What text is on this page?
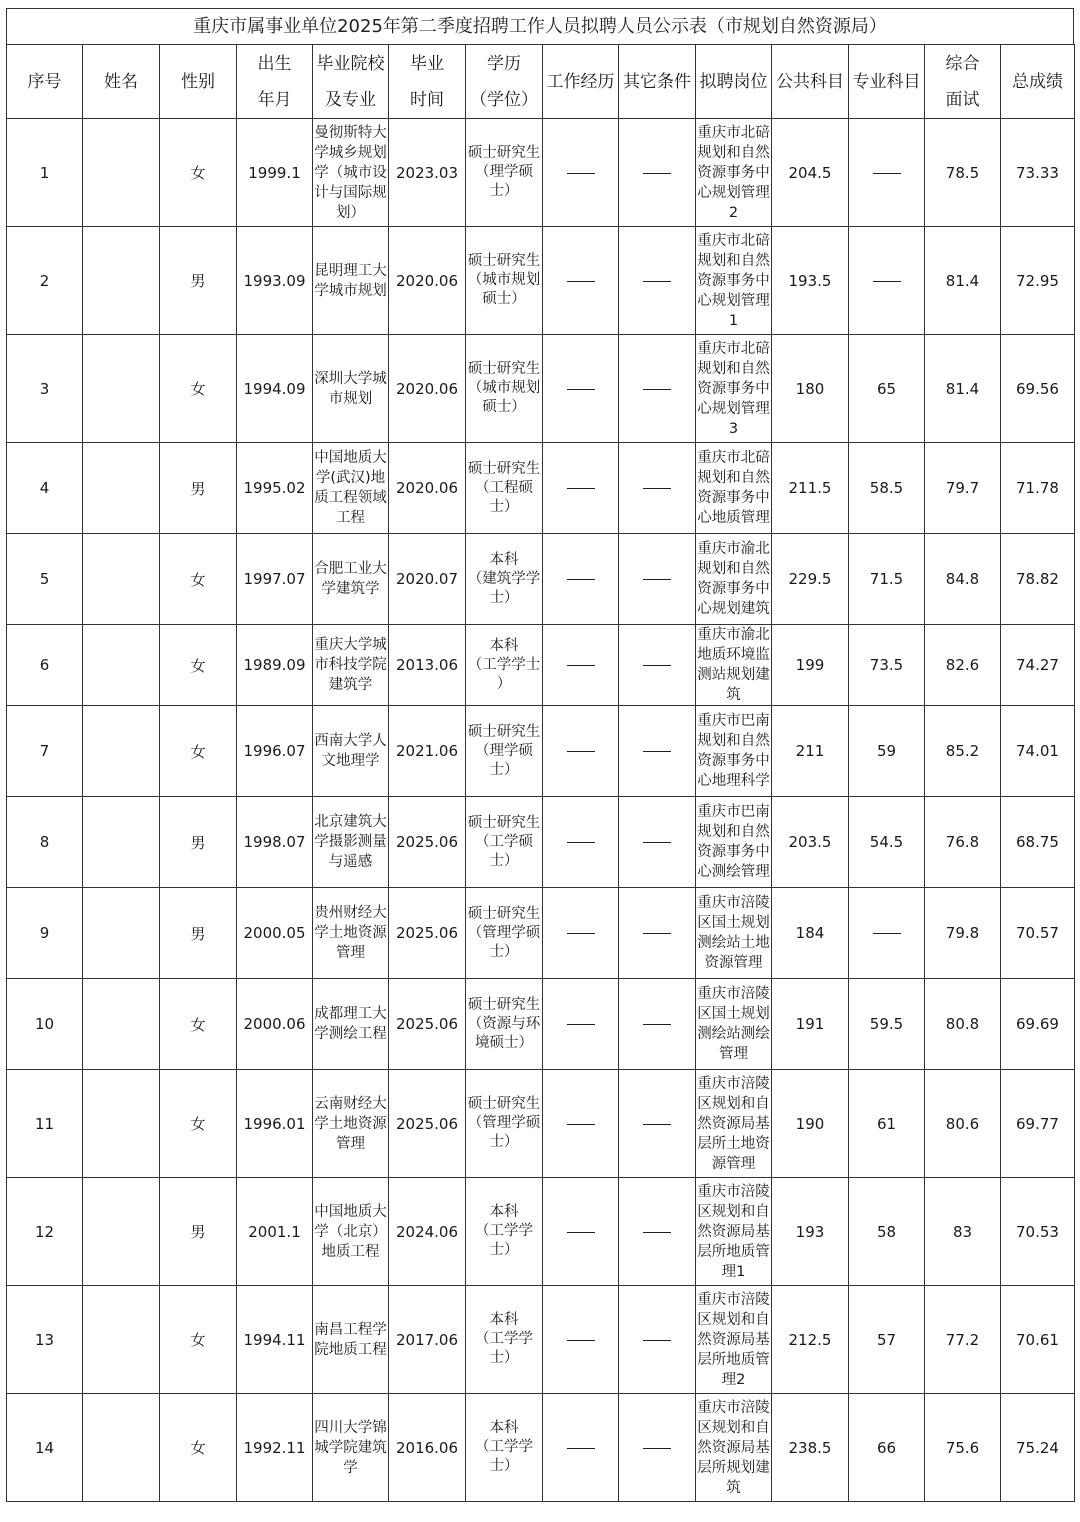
重庆市属事业单位2025年第二季度招聘工作人员拟聘人员公示表（市规划自然资源局）
序号	姓名	性别	出生
年月	毕业院校
及专业	毕业
时间	学历
（学位）	工作经历	其它条件	拟聘岗位	公共科目	专业科目	综合
面试	总成绩
1		女	1999.1	曼彻斯特大学城乡规划学（城市设计与国际规划）	2023.03	硕士研究生
（理学硕士）			重庆市北碚规划和自然资源事务中心规划管理2	204.5		78.5	73.33
2		男	1993.09	昆明理工大学城市规划	2020.06	硕士研究生
（城市规划硕士）			重庆市北碚规划和自然资源事务中心规划管理1	193.5		81.4	72.95
3		女	1994.09	深圳大学城市规划	2020.06	硕士研究生
（城市规划硕士）			重庆市北碚规划和自然资源事务中心规划管理3	180	65	81.4	69.56
4		男	1995.02	中国地质大学(武汉)地质工程领域工程	2020.06	硕士研究生
（工程硕士）			重庆市北碚规划和自然资源事务中心地质管理	211.5	58.5	79.7	71.78
5		女	1997.07	合肥工业大学建筑学	2020.07	本科
（建筑学学士）			重庆市渝北规划和自然资源事务中心规划建筑	229.5	71.5	84.8	78.82
6		女	1989.09	重庆大学城市科技学院建筑学	2013.06	本科
（工学学士 ）			重庆市渝北地质环境监测站规划建筑	199	73.5	82.6	74.27
7		女	1996.07	西南大学人文地理学	2021.06	硕士研究生
（理学硕士）			重庆市巴南规划和自然资源事务中心地理科学	211	59	85.2	74.01
8		男	1998.07	北京建筑大学摄影测量与遥感	2025.06	硕士研究生
（工学硕士）			重庆市巴南规划和自然资源事务中心测绘管理	203.5	54.5	76.8	68.75
9		男	2000.05	贵州财经大学土地资源管理	2025.06	硕士研究生
（管理学硕士）			重庆市涪陵区国土规划测绘站土地资源管理	184		79.8	70.57
10		女	2000.06	成都理工大学测绘工程	2025.06	硕士研究生
（资源与环境硕士）			重庆市涪陵区国土规划测绘站测绘管理	191	59.5	80.8	69.69
11		女	1996.01	云南财经大学土地资源管理	2025.06	硕士研究生
（管理学硕士）			重庆市涪陵区规划和自然资源局基层所土地资源管理	190	61	80.6	69.77
12		男	2001.1	中国地质大学（北京）地质工程	2024.06	本科
（工学学士）			重庆市涪陵区规划和自然资源局基层所地质管理1	193	58	83	70.53
13		女	1994.11	南昌工程学院地质工程	2017.06	本科
（工学学士）			重庆市涪陵区规划和自然资源局基层所地质管理2	212.5	57	77.2	70.61
14		女	1992.11	四川大学锦城学院建筑学	2016.06	本科
（工学学士）			重庆市涪陵区规划和自然资源局基层所规划建筑	238.5	66	75.6	75.24
